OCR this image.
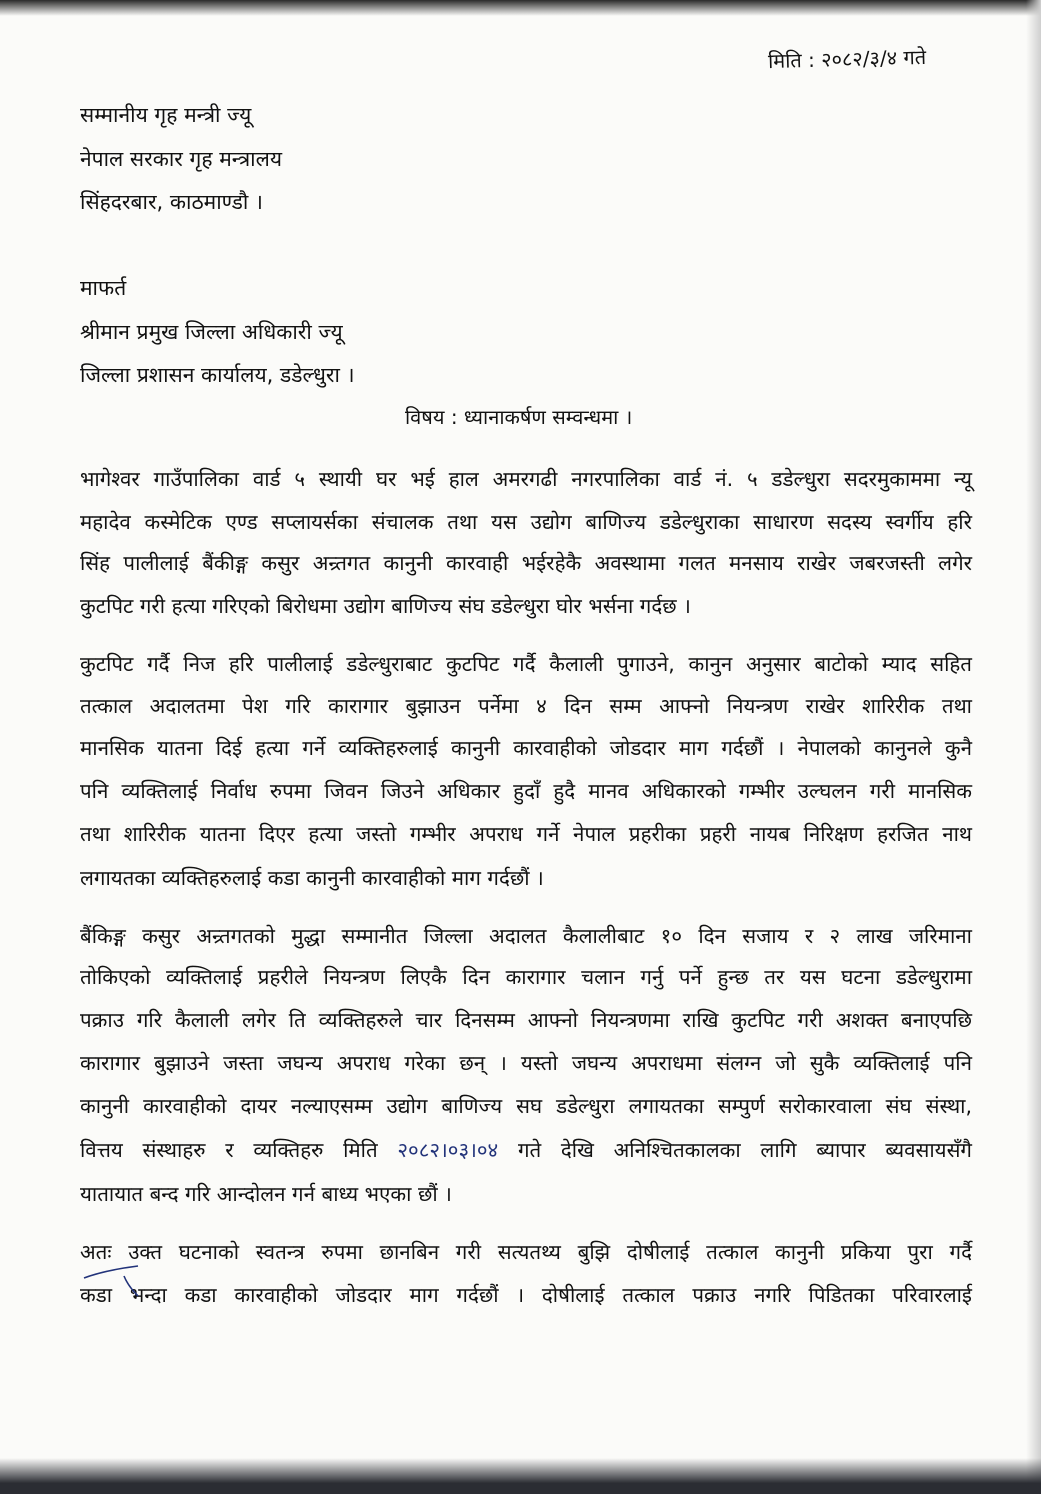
मिति : २०८२/३/४ गते

सम्मानीय गृह मन्त्री ज्यू

नेपाल सरकार गृह मन्त्रालय

सिंहदरबार, काठमाण्डौ ।

माफर्त

श्रीमान प्रमुख जिल्ला अधिकारी ज्यू

जिल्ला प्रशासन कार्यालय, डडेल्धुरा ।

विषय : ध्यानाकर्षण सम्वन्धमा ।

भागेश्वर गाउँपालिका वार्ड ५ स्थायी घर भई हाल अमरगढी नगरपालिका वार्ड नं. ५ डडेल्धुरा सदरमुकाममा न्यू

महादेव कस्मेटिक एण्ड सप्लायर्सका संचालक तथा यस उद्योग बाणिज्य डडेल्धुराका साधारण सदस्य स्वर्गीय हरि

सिंह पालीलाई बैंकीङ्ग कसुर अन्र्तगत कानुनी कारवाही भईरहेकै अवस्थामा गलत मनसाय राखेर जबरजस्ती लगेर

कुटपिट गरी हत्या गरिएको बिरोधमा उद्योग बाणिज्य संघ डडेल्धुरा घोर भर्सना गर्दछ ।

कुटपिट गर्दै निज हरि पालीलाई डडेल्धुराबाट कुटपिट गर्दै कैलाली पुगाउने, कानुन अनुसार बाटोको म्याद सहित

तत्काल अदालतमा पेश गरि कारागार बुझाउन पर्नेमा ४ दिन सम्म आफ्नो नियन्त्रण राखेर शारिरीक तथा

मानसिक यातना दिई हत्या गर्ने व्यक्तिहरुलाई कानुनी कारवाहीको जोडदार माग गर्दछौं । नेपालको कानुनले कुनै

पनि व्यक्तिलाई निर्वाध रुपमा जिवन जिउने अधिकार हुदाँ हुदै मानव अधिकारको गम्भीर उल्घलन गरी मानसिक

तथा शारिरीक यातना दिएर हत्या जस्तो गम्भीर अपराध गर्ने नेपाल प्रहरीका प्रहरी नायब निरिक्षण हरजित नाथ

लगायतका व्यक्तिहरुलाई कडा कानुनी कारवाहीको माग गर्दछौं ।

बैंकिङ्ग कसुर अन्र्तगतको मुद्धा सम्मानीत जिल्ला अदालत कैलालीबाट १० दिन सजाय र २ लाख जरिमाना

तोकिएको व्यक्तिलाई प्रहरीले नियन्त्रण लिएकै दिन कारागार चलान गर्नु पर्ने हुन्छ तर यस घटना डडेल्धुरामा

पक्राउ गरि कैलाली लगेर ति व्यक्तिहरुले चार दिनसम्म आफ्नो नियन्त्रणमा राखि कुटपिट गरी अशक्त बनाएपछि

कारागार बुझाउने जस्ता जघन्य अपराध गरेका छन् । यस्तो जघन्य अपराधमा संलग्न जो सुकै व्यक्तिलाई पनि

कानुनी कारवाहीको दायर नल्याएसम्म उद्योग बाणिज्य सघ डडेल्धुरा लगायतका सम्पुर्ण सरोकारवाला संघ संस्था,

वित्तय संस्थाहरु र व्यक्तिहरु मिति २०८२।०३।०४ गते देखि अनिश्चितकालका लागि ब्यापार ब्यवसायसँगै

यातायात बन्द गरि आन्दोलन गर्न बाध्य भएका छौं ।

अतः उक्त घटनाको स्वतन्त्र रुपमा छानबिन गरी सत्यतथ्य बुझि दोषीलाई तत्काल कानुनी प्रकिया पुरा गर्दै

कडा भन्दा कडा कारवाहीको जोडदार माग गर्दछौं । दोषीलाई तत्काल पक्राउ नगरि पिडितका परिवारलाई
